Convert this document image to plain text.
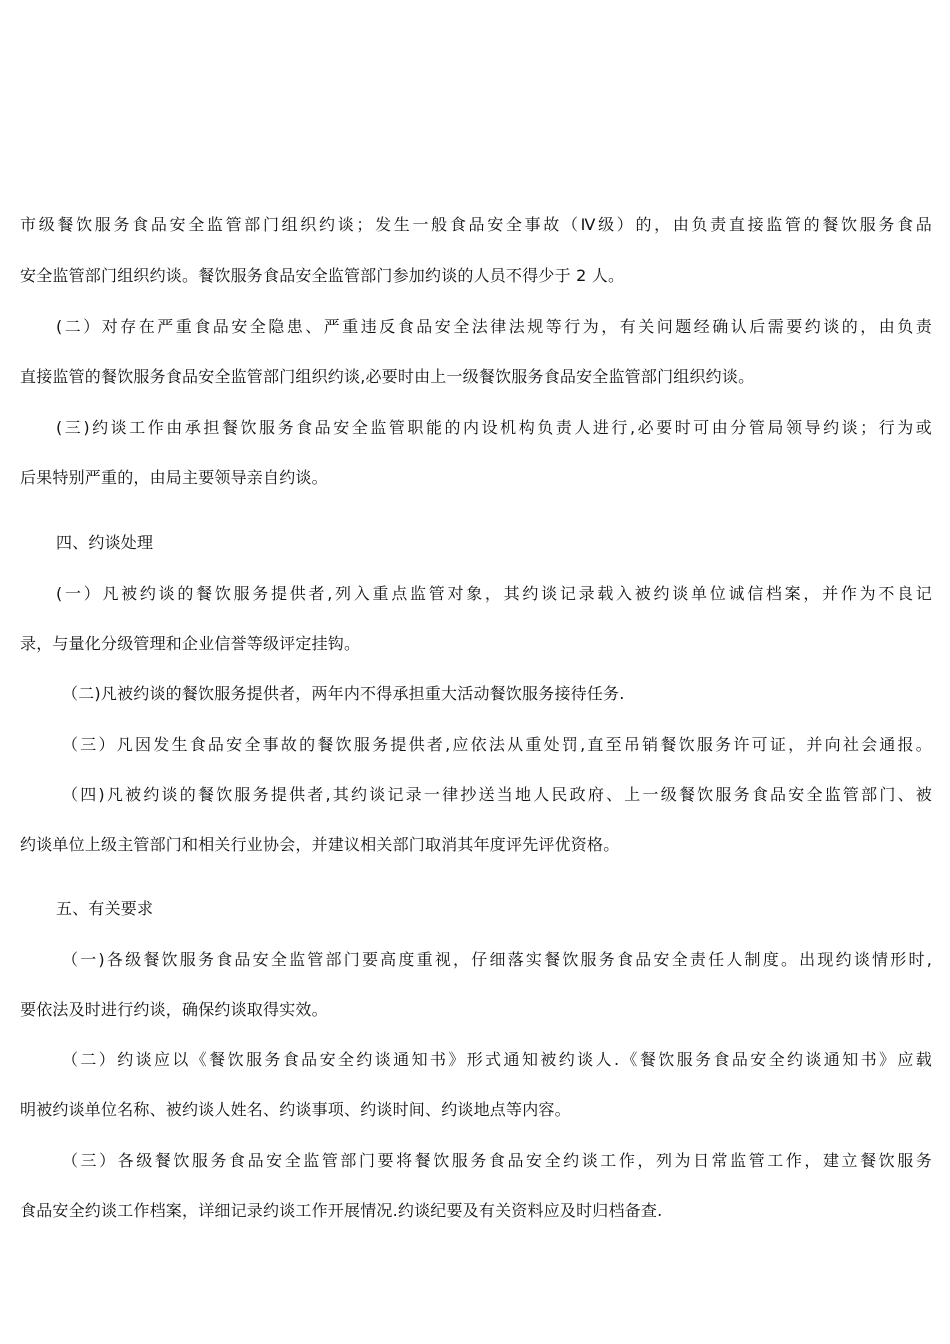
市级餐饮服务食品安全监管部门组织约谈；发生一般食品安全事故（Ⅳ级）的，由负责直接监管的餐饮服务食品
安全监管部门组织约谈。餐饮服务食品安全监管部门参加约谈的人员不得少于 2 人。
(二）对存在严重食品安全隐患、严重违反食品安全法律法规等行为，有关问题经确认后需要约谈的，由负责
直接监管的餐饮服务食品安全监管部门组织约谈,必要时由上一级餐饮服务食品安全监管部门组织约谈。
(三)约谈工作由承担餐饮服务食品安全监管职能的内设机构负责人进行,必要时可由分管局领导约谈；行为或
后果特别严重的，由局主要领导亲自约谈。
四、约谈处理
(一）凡被约谈的餐饮服务提供者,列入重点监管对象，其约谈记录载入被约谈单位诚信档案，并作为不良记
录，与量化分级管理和企业信誉等级评定挂钩。
（二)凡被约谈的餐饮服务提供者，两年内不得承担重大活动餐饮服务接待任务.
（三）凡因发生食品安全事故的餐饮服务提供者,应依法从重处罚,直至吊销餐饮服务许可证，并向社会通报。
（四)凡被约谈的餐饮服务提供者,其约谈记录一律抄送当地人民政府、上一级餐饮服务食品安全监管部门、被
约谈单位上级主管部门和相关行业协会，并建议相关部门取消其年度评先评优资格。
五、有关要求
（一)各级餐饮服务食品安全监管部门要高度重视，仔细落实餐饮服务食品安全责任人制度。出现约谈情形时,
要依法及时进行约谈，确保约谈取得实效。
（二）约谈应以《餐饮服务食品安全约谈通知书》形式通知被约谈人.《餐饮服务食品安全约谈通知书》应载
明被约谈单位名称、被约谈人姓名、约谈事项、约谈时间、约谈地点等内容。
（三）各级餐饮服务食品安全监管部门要将餐饮服务食品安全约谈工作，列为日常监管工作，建立餐饮服务
食品安全约谈工作档案，详细记录约谈工作开展情况.约谈纪要及有关资料应及时归档备查.
